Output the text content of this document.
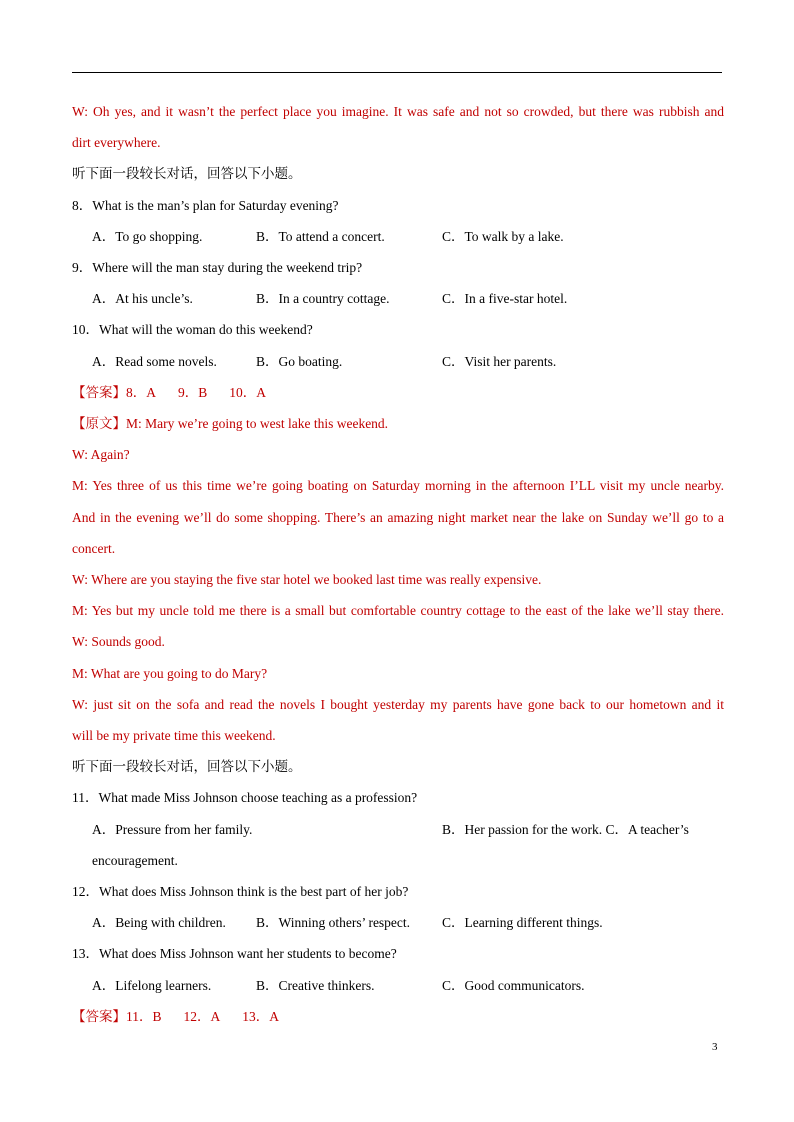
W: Oh yes, and it wasn’t the perfect place you imagine. It was safe and not so crowded, but there was rubbish and
dirt everywhere.
听下面一段较长对话，回答以下小题。
8．What is the man’s plan for Saturday evening?
A．To go shopping.	B．To attend a concert.	C．To walk by a lake.
9．Where will the man stay during the weekend trip?
A．At his uncle’s.	B．In a country cottage.	C．In a five-star hotel.
10．What will the woman do this weekend?
A．Read some novels.	B．Go boating.	C．Visit her parents.
【答案】8．A 9．B 10．A
【原文】M: Mary we’re going to west lake this weekend.
W: Again?
M: Yes three of us this time we’re going boating on Saturday morning in the afternoon I’LL visit my uncle nearby.
And in the evening we’ll do some shopping. There’s an amazing night market near the lake on Sunday we’ll go to a
concert.
W: Where are you staying the five star hotel we booked last time was really expensive.
M: Yes but my uncle told me there is a small but comfortable country cottage to the east of the lake we’ll stay there.
W: Sounds good.
M: What are you going to do Mary?
W: just sit on the sofa and read the novels I bought yesterday my parents have gone back to our hometown and it
will be my private time this weekend.
听下面一段较长对话，回答以下小题。
11．What made Miss Johnson choose teaching as a profession?
A．Pressure from her family.	B．Her passion for the work. C．A teacher’s
encouragement.
12．What does Miss Johnson think is the best part of her job?
A．Being with children. B．Winning others’ respect. C．Learning different things.
13．What does Miss Johnson want her students to become?
A．Lifelong learners.	B．Creative thinkers.	C．Good communicators.
【答案】11．B 12．A 13．A
3
